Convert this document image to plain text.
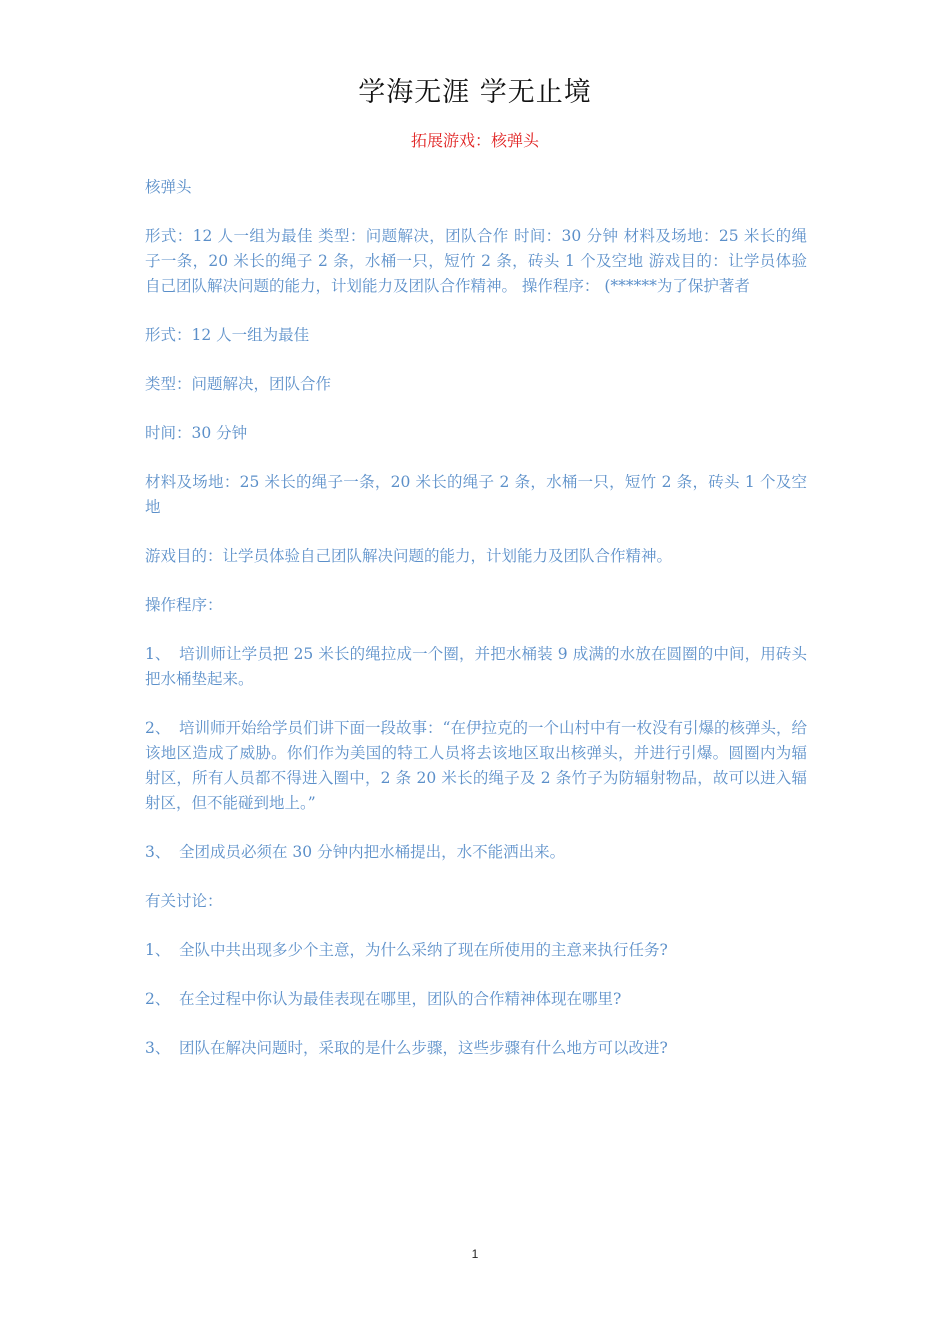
学海无涯 学无止境
拓展游戏：核弹头

核弹头

形式：12 人一组为最佳 类型：问题解决，团队合作 时间：30 分钟 材料及场地：25 米长的绳子一条，20 米长的绳子 2 条，水桶一只，短竹 2 条，砖头 1 个及空地 游戏目的：让学员体验自己团队解决问题的能力，计划能力及团队合作精神。 操作程序： (******为了保护著者

形式：12 人一组为最佳

类型：问题解决，团队合作

时间：30 分钟

材料及场地：25 米长的绳子一条，20 米长的绳子 2 条，水桶一只，短竹 2 条，砖头 1 个及空地

游戏目的：让学员体验自己团队解决问题的能力，计划能力及团队合作精神。

操作程序：

1、 培训师让学员把 25 米长的绳拉成一个圈，并把水桶装 9 成满的水放在圆圈的中间，用砖头把水桶垫起来。

2、 培训师开始给学员们讲下面一段故事：“在伊拉克的一个山村中有一枚没有引爆的核弹头，给该地区造成了威胁。你们作为美国的特工人员将去该地区取出核弹头，并进行引爆。圆圈内为辐射区，所有人员都不得进入圈中，2 条 20 米长的绳子及 2 条竹子为防辐射物品，故可以进入辐射区，但不能碰到地上。”

3、 全团成员必须在 30 分钟内把水桶提出，水不能洒出来。

有关讨论：

1、 全队中共出现多少个主意，为什么采纳了现在所使用的主意来执行任务?

2、 在全过程中你认为最佳表现在哪里，团队的合作精神体现在哪里?

3、 团队在解决问题时，采取的是什么步骤，这些步骤有什么地方可以改进?

1
